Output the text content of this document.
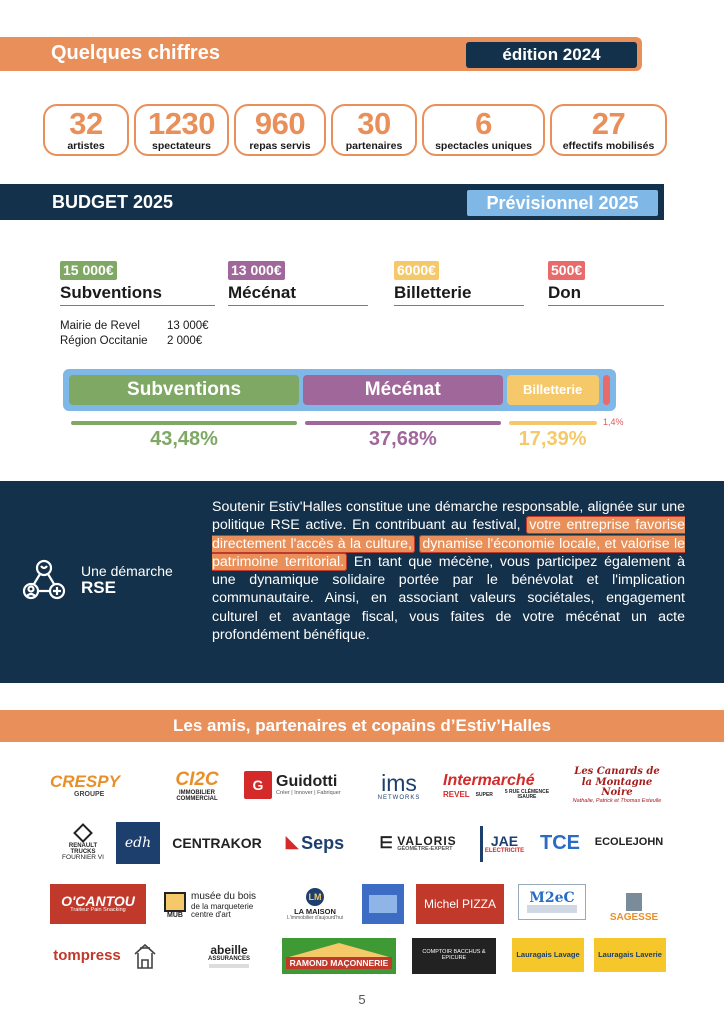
Quelques chiffres	édition 2024
32
artistes
1230
spectateurs
960
repas servis
30
partenaires
6
spectacles uniques
27
effectifs mobilisés
BUDGET 2025	Prévisionnel 2025
15 000€
Subventions
13 000€
Mécénat
6000€
Billetterie
500€
Don
Mairie de Revel	13 000€
Région Occitanie	2 000€
Subventions	Mécénat	Billetterie
43,48%	37,68%	17,39%
1,4%
Une démarche
RSE
Soutenir Estiv'Halles constitue une démarche responsable, alignée sur une politique RSE active. En contribuant au festival, votre entreprise favorise directement l'accès à la culture, dynamise l'économie locale, et valorise le patrimoine territorial. En tant que mécène, vous participez également à une dynamique solidaire portée par le bénévolat et l'implication communautaire. Ainsi, en associant valeurs sociétales, engagement culturel et avantage fiscal, vous faites de votre mécénat un acte profondément bénéfique.
Les amis, partenaires et copains d’Estiv’Halles
CRESPY
GROUPE
CI2C
IMMOBILIER COMMERCIAL
G Guidotti
Créer | Innover | Fabriquer ims
NETWORKS
Intermarché
REVEL SUPER	5 RUE CLÉMENCE ISAURE
Les Canards de la Montagne Noire
Nathalie, Patrick et Thomas Esteulle
RENAULT
TRUCKS
FOURNIER VI
edh CENTRAKOR ◣ Seps ⋿ VALORIS
GÉOMÈTRE-EXPERT
JAE
ELECTRICITE TCE ECOLEJOHN
O'CANTOU
Traiteur Pain Snacking
MUB
musée du bois
de la marqueterie
centre d'art
LM
LA MAISON
L'immobilier d'aujourd'hui
Michel PIZZA M2eC
SAGESSE
tompress	abeille
ASSURANCES	RAMOND MAÇONNERIE
COMPTOIR BACCHUS & EPICURE	Lauragais Lavage Lauragais Laverie
5
